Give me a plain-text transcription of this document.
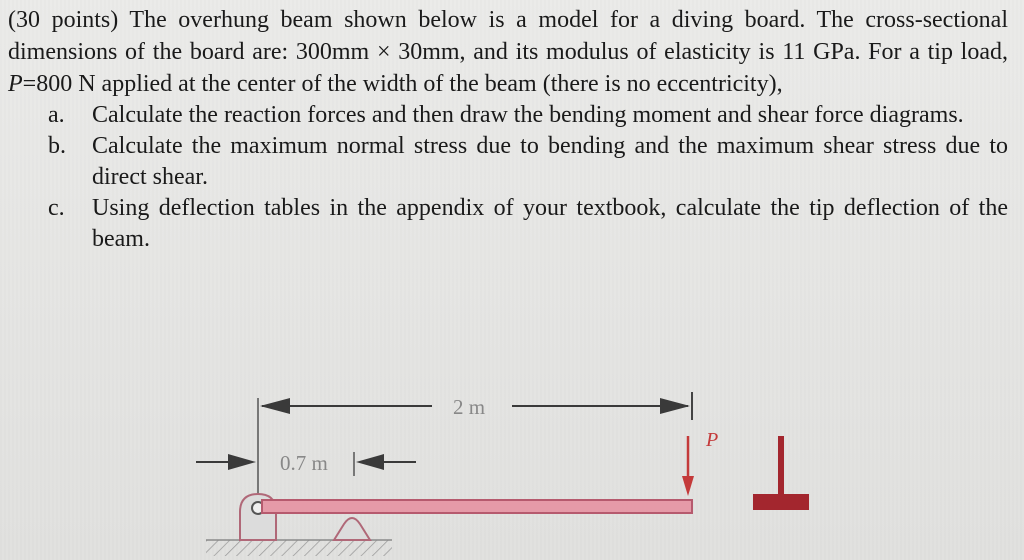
(30 points) The overhung beam shown below is a model for a diving board. The cross-sectional dimensions of the board are: 300mm × 30mm, and its modulus of elasticity is 11 GPa. For a tip load, P=800 N applied at the center of the width of the beam (there is no eccentricity),

a. Calculate the reaction forces and then draw the bending moment and shear force diagrams.
b. Calculate the maximum normal stress due to bending and the maximum shear stress due to direct shear.
c. Using deflection tables in the appendix of your textbook, calculate the tip deflection of the beam.
2 m
0.7 m
P
